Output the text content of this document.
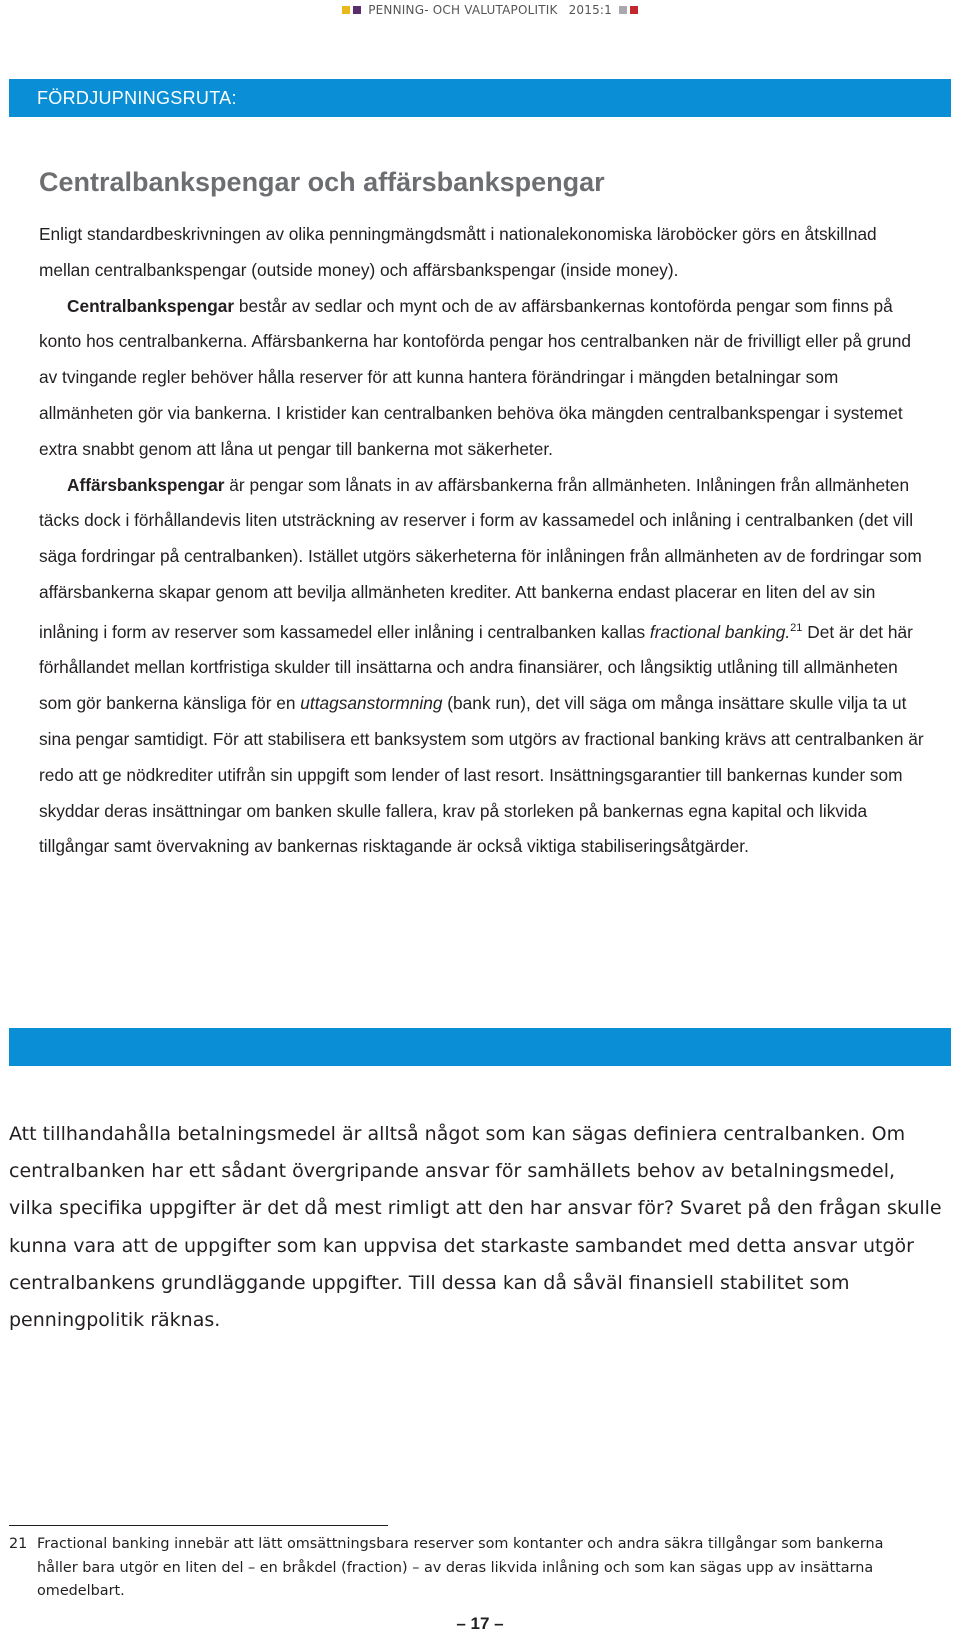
PENNING- OCH VALUTAPOLITIK 2015:1
FÖRDJUPNINGSRUTA:
Centralbankspengar och affärsbankspengar

Enligt standardbeskrivningen av olika penningmängdsmått i nationalekonomiska läroböcker görs en åtskillnad mellan centralbankspengar (outside money) och affärsbankspengar (inside money).

Centralbankspengar består av sedlar och mynt och de av affärsbankernas kontoförda pengar som finns på konto hos centralbankerna. Affärsbankerna har kontoförda pengar hos centralbanken när de frivilligt eller på grund av tvingande regler behöver hålla reserver för att kunna hantera förändringar i mängden betalningar som allmänheten gör via bankerna. I kristider kan centralbanken behöva öka mängden centralbankspengar i systemet extra snabbt genom att låna ut pengar till bankerna mot säkerheter.

Affärsbankspengar är pengar som lånats in av affärsbankerna från allmänheten. Inlåningen från allmänheten täcks dock i förhållandevis liten utsträckning av reserver i form av kassamedel och inlåning i centralbanken (det vill säga fordringar på centralbanken). Istället utgörs säkerheterna för inlåningen från allmänheten av de fordringar som affärsbankerna skapar genom att bevilja allmänheten krediter. Att bankerna endast placerar en liten del av sin inlåning i form av reserver som kassamedel eller inlåning i centralbanken kallas fractional banking.$^{21}$ Det är det här förhållandet mellan kortfristiga skulder till insättarna och andra finansiärer, och långsiktig utlåning till allmänheten som gör bankerna känsliga för en uttagsanstormning (bank run), det vill säga om många insättare skulle vilja ta ut sina pengar samtidigt. För att stabilisera ett banksystem som utgörs av fractional banking krävs att centralbanken är redo att ge nödkrediter utifrån sin uppgift som lender of last resort. Insättningsgarantier till bankernas kunder som skyddar deras insättningar om banken skulle fallera, krav på storleken på bankernas egna kapital och likvida tillgångar samt övervakning av bankernas risktagande är också viktiga stabiliseringsåtgärder.

Att tillhandahålla betalningsmedel är alltså något som kan sägas definiera centralbanken. Om centralbanken har ett sådant övergripande ansvar för samhällets behov av betalningsmedel, vilka specifika uppgifter är det då mest rimligt att den har ansvar för? Svaret på den frågan skulle kunna vara att de uppgifter som kan uppvisa det starkaste sambandet med detta ansvar utgör centralbankens grundläggande uppgifter. Till dessa kan då såväl finansiell stabilitet som penningpolitik räknas.

21 Fractional banking innebär att lätt omsättningsbara reserver som kontanter och andra säkra tillgångar som bankerna håller bara utgör en liten del – en bråkdel (fraction) – av deras likvida inlåning och som kan sägas upp av insättarna omedelbart.
– 17 –
